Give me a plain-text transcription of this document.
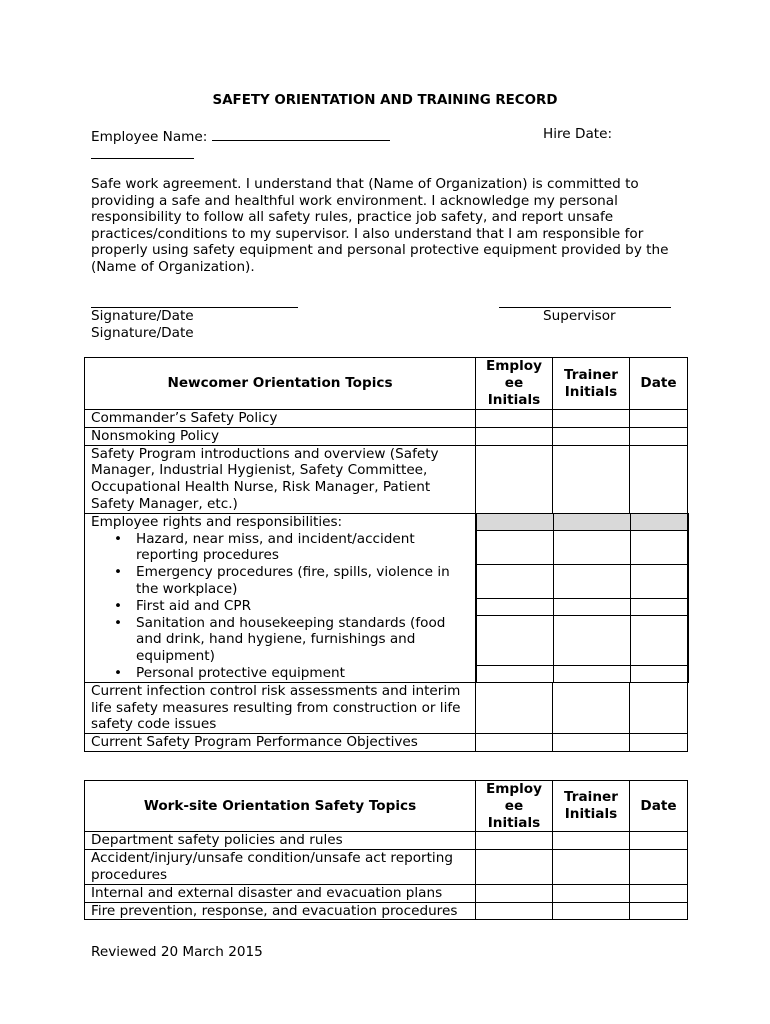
SAFETY ORIENTATION AND TRAINING RECORD
Employee Name:	Hire Date:
Safe work agreement. I understand that (Name of Organization) is committed to providing a safe and healthful work environment. I acknowledge my personal responsibility to follow all safety rules, practice job safety, and report unsafe practices/conditions to my supervisor. I also understand that I am responsible for properly using safety equipment and personal protective equipment provided by the (Name of Organization).
Signature/Date	Supervisor
Signature/Date
Newcomer Orientation Topics	Employ ee Initials	Trainer Initials	Date
Commander’s Safety Policy			
Nonsmoking Policy			
Safety Program introductions and overview (Safety Manager, Industrial Hygienist, Safety Committee, Occupational Health Nurse, Risk Manager, Patient Safety Manager, etc.)			

Employee rights and responsibilities:
• Hazard, near miss, and incident/accident reporting procedures
• Emergency procedures (fire, spills, violence in the workplace)
• First aid and CPR
• Sanitation and housekeeping standards (food and drink, hand hygiene, furnishings and equipment)
• Personal protective equipment

Current infection control risk assessments and interim life safety measures resulting from construction or life safety code issues			
Current Safety Program Performance Objectives			
Work-site Orientation Safety Topics	Employ ee Initials	Trainer Initials	Date
Department safety policies and rules			
Accident/injury/unsafe condition/unsafe act reporting procedures			
Internal and external disaster and evacuation plans			
Fire prevention, response, and evacuation procedures			
Reviewed 20 March 2015
